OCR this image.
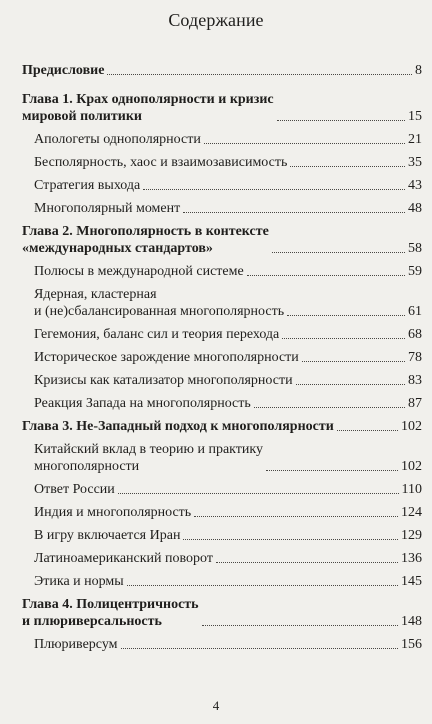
Содержание
Предисловие	8
Глава 1. Крах однополярности и кризис
мировой политики	15
Апологеты однополярности	21
Бесполярность, хаос и взаимозависимость	35
Стратегия выхода	43
Многополярный момент	48
Глава 2. Многополярность в контексте
«международных стандартов»	58
Полюсы в международной системе	59
Ядерная, кластерная
и (не)сбалансированная многополярность	61
Гегемония, баланс сил и теория перехода	68
Историческое зарождение многополярности	78
Кризисы как катализатор многополярности	83
Реакция Запада на многополярность	87
Глава 3. Не-Западный подход к многополярности	102
Китайский вклад в теорию и практику
многополярности	102
Ответ России	110
Индия и многополярность	124
В игру включается Иран	129
Латиноамериканский поворот	136
Этика и нормы	145
Глава 4. Полицентричность
и плюриверсальность	148
Плюриверсум	156
4
